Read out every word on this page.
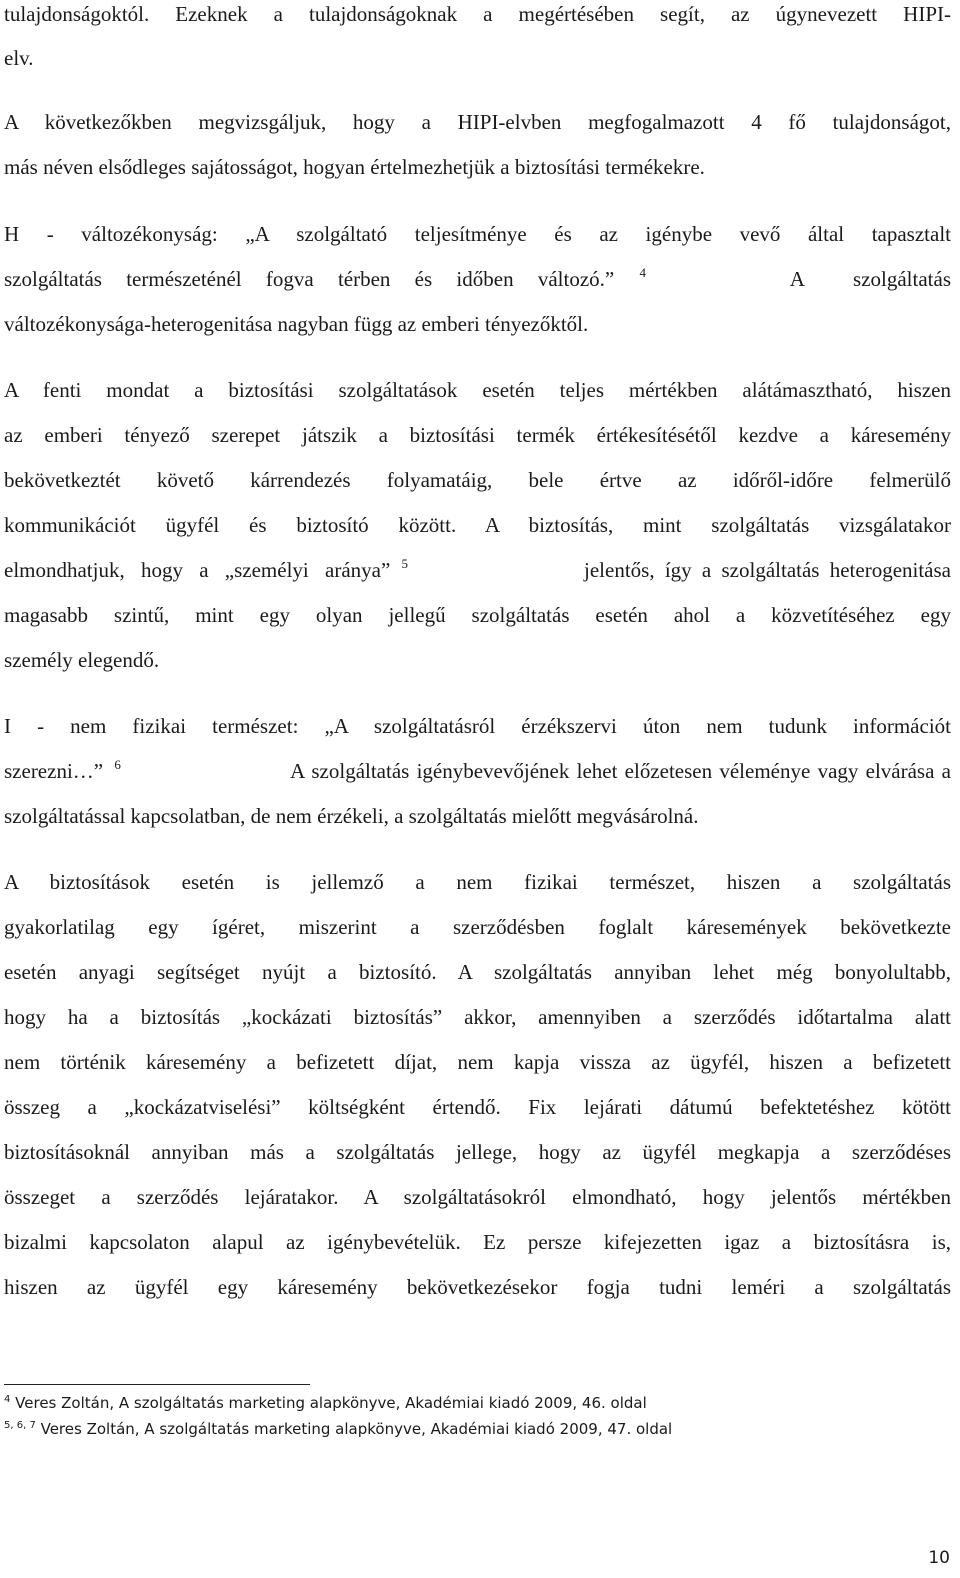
tulajdonságoktól. Ezeknek a tulajdonságoknak a megértésében segít, az úgynevezett HIPI-
elv.
A következőkben megvizsgáljuk, hogy a HIPI-elvben megfogalmazott 4 fő tulajdonságot,
más néven elsődleges sajátosságot, hogyan értelmezhetjük a biztosítási termékekre.
H - változékonyság: „A szolgáltató teljesítménye és az igénybe vevő által tapasztalt
szolgáltatás természeténél fogva térben és időben változó.” $^4$	A szolgáltatás
változékonysága-heterogenitása nagyban függ az emberi tényezőktől.
A fenti mondat a biztosítási szolgáltatások esetén teljes mértékben alátámasztható, hiszen
az emberi tényező szerepet játszik a biztosítási termék értékesítésétől kezdve a káresemény
bekövetkeztét követő kárrendezés folyamatáig, bele értve az időről-időre felmerülő
kommunikációt ügyfél és biztosító között. A biztosítás, mint szolgáltatás vizsgálatakor
elmondhatjuk, hogy a „személyi aránya” $^5$	jelentős, így a szolgáltatás heterogenitása
magasabb szintű, mint egy olyan jellegű szolgáltatás esetén ahol a közvetítéséhez egy
személy elegendő.
I - nem fizikai természet: „A szolgáltatásról érzékszervi úton nem tudunk információt
szerezni…” $^6$	A szolgáltatás igénybevevőjének lehet előzetesen véleménye vagy elvárása a
szolgáltatással kapcsolatban, de nem érzékeli, a szolgáltatás mielőtt megvásárolná.
A biztosítások esetén is jellemző a nem fizikai természet, hiszen a szolgáltatás
gyakorlatilag egy ígéret, miszerint a szerződésben foglalt káresemények bekövetkezte
esetén anyagi segítséget nyújt a biztosító. A szolgáltatás annyiban lehet még bonyolultabb,
hogy ha a biztosítás „kockázati biztosítás” akkor, amennyiben a szerződés időtartalma alatt
nem történik káresemény a befizetett díjat, nem kapja vissza az ügyfél, hiszen a befizetett
összeg a „kockázatviselési” költségként értendő. Fix lejárati dátumú befektetéshez kötött
biztosításoknál annyiban más a szolgáltatás jellege, hogy az ügyfél megkapja a szerződéses
összeget a szerződés lejáratakor. A szolgáltatásokról elmondható, hogy jelentős mértékben
bizalmi kapcsolaton alapul az igénybevételük. Ez persze kifejezetten igaz a biztosításra is,
hiszen az ügyfél egy káresemény bekövetkezésekor fogja tudni leméri a szolgáltatás
$^4$ Veres Zoltán, A szolgáltatás marketing alapkönyve, Akadémiai kiadó 2009, 46. oldal
$^{5, 6, 7}$ Veres Zoltán, A szolgáltatás marketing alapkönyve, Akadémiai kiadó 2009, 47. oldal
10
